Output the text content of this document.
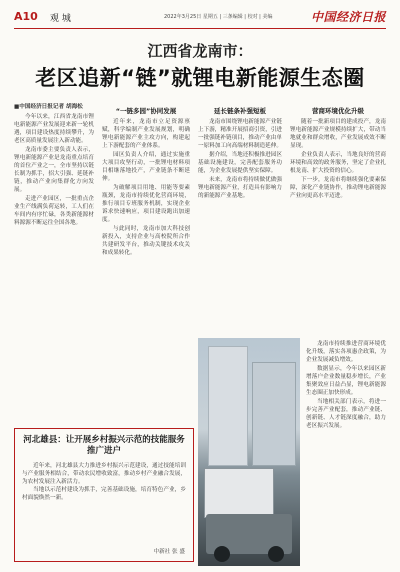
A10 观 城	2022年3月25日 星期五 | 三条编辑 | 校对 | 美编	中国经济日报
江西省龙南市：
老区追新“链”就锂电新能源生态圈
■中国经济日报记者 胡海松

今年以来，江西省龙南市锂电新能源产业发展迎来新一轮机遇，项目建设热度持续攀升，为老区高质量发展注入新动能。

龙南市委主要负责人表示，锂电新能源产业是龙南重点培育的首位产业之一，全市坚持以链长制为抓手，招大引强、延链补链，推动产业向集群化方向发展。

走进产业园区，一批重点企业生产线满负荷运转，工人们在车间内有序忙碌，各类新能源材料源源不断运往全国各地。

“一链多园”协同发展

近年来，龙南市立足资源禀赋，科学编制产业发展规划，明确锂电新能源产业主攻方向，构建起上下游配套的产业体系。

园区负责人介绍，通过实施重大项目攻坚行动，一批锂电材料项目相继落地投产，产业链条不断延伸。

为破解项目用地、用能等要素瓶颈，龙南市持续优化营商环境，推行项目专班服务机制，实现企业诉求快速响应，项目建设跑出加速度。

与此同时，龙南市加大科技创新投入，支持企业与高校院所合作共建研发平台，推动关键技术攻关和成果转化。

延长链条补强短板

龙南市围绕锂电新能源产业链上下游，精准开展招商引资，引进一批强链补链项目，推动产业由单一原料加工向高端材料制造延伸。

据介绍，当地还积极推进园区基础设施建设，完善配套服务功能，为企业发展提供坚实保障。

未来，龙南市将持续做优做强锂电新能源产业，打造具有影响力的新能源产业基地。

营商环境优化升级

随着一批新项目的建成投产，龙南锂电新能源产业规模持续扩大，带动当地就业和群众增收，产业发展成效不断显现。

企业负责人表示，当地良好的营商环境和高效的政务服务，坚定了企业扎根龙南、扩大投资的信心。

下一步，龙南市将继续强化要素保障，深化产业链协作，推动锂电新能源产业向更高水平迈进。

龙南市持续推进营商环境优化升级，落实各项惠企政策，为企业发展减负增效。

数据显示，今年以来园区新增落户企业数量稳步增长，产业集聚效应日益凸显，锂电新能源生态圈正加快形成。

当地相关部门表示，将进一步完善产业配套，推动产业链、创新链、人才链深度融合，助力老区振兴发展。

河北雄县：让开展乡村振兴示范的技能服务推广进户

近年来，河北雄县大力推进乡村振兴示范建设，通过技能培训与产业服务相结合，带动农民增收致富，推动乡村产业融合发展，为农村发展注入新活力。

当地以示范村建设为抓手，完善基础设施，培育特色产业，乡村面貌焕然一新。

中新社 张 盛
